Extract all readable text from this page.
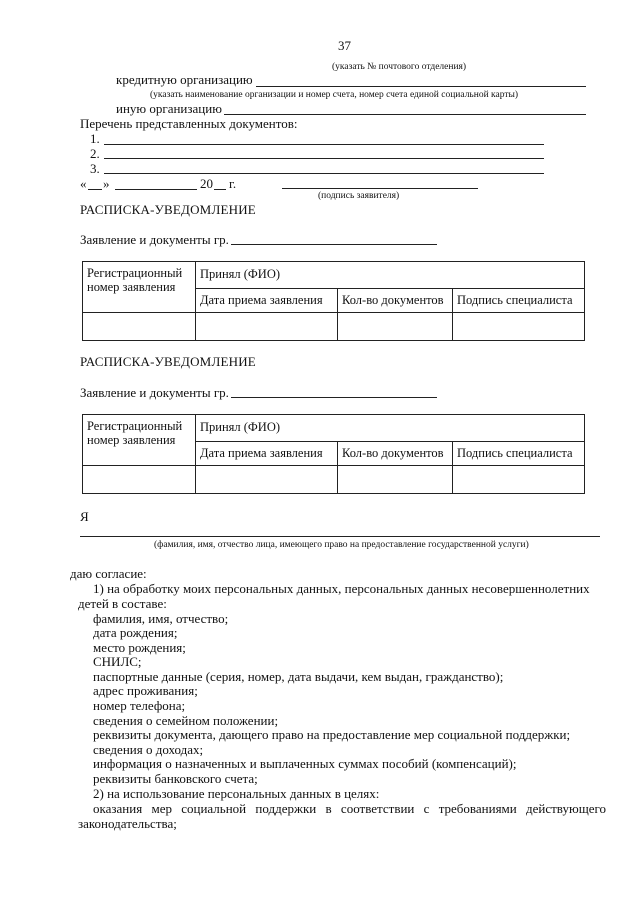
37
(указать № почтового отделения)
кредитную организацию
(указать наименование организации и номер счета, номер счета единой социальной карты)
иную организацию
Перечень представленных документов:
1.
2.
3.
« »	20 г.
(подпись заявителя)
РАСПИСКА-УВЕДОМЛЕНИЕ
Заявление и документы гр.
Регистрационный номер заявления	Принял (ФИО)		
	Дата приема заявления	Кол-во документов	Подпись специалиста

РАСПИСКА-УВЕДОМЛЕНИЕ
Заявление и документы гр.
Регистрационный номер заявления	Принял (ФИО)		
	Дата приема заявления	Кол-во документов	Подпись специалиста

Я
(фамилия, имя, отчество лица, имеющего право на предоставление государственной услуги)
даю согласие:
1) на обработку моих персональных данных, персональных данных несовершеннолетних
детей в составе:
фамилия, имя, отчество;
дата рождения;
место рождения;
СНИЛС;
паспортные данные (серия, номер, дата выдачи, кем выдан, гражданство);
адрес проживания;
номер телефона;
сведения о семейном положении;
реквизиты документа, дающего право на предоставление мер социальной поддержки;
сведения о доходах;
информация о назначенных и выплаченных суммах пособий (компенсаций);
реквизиты банковского счета;
2) на использование персональных данных в целях:
оказания мер социальной поддержки в соответствии с требованиями действующего
законодательства;
